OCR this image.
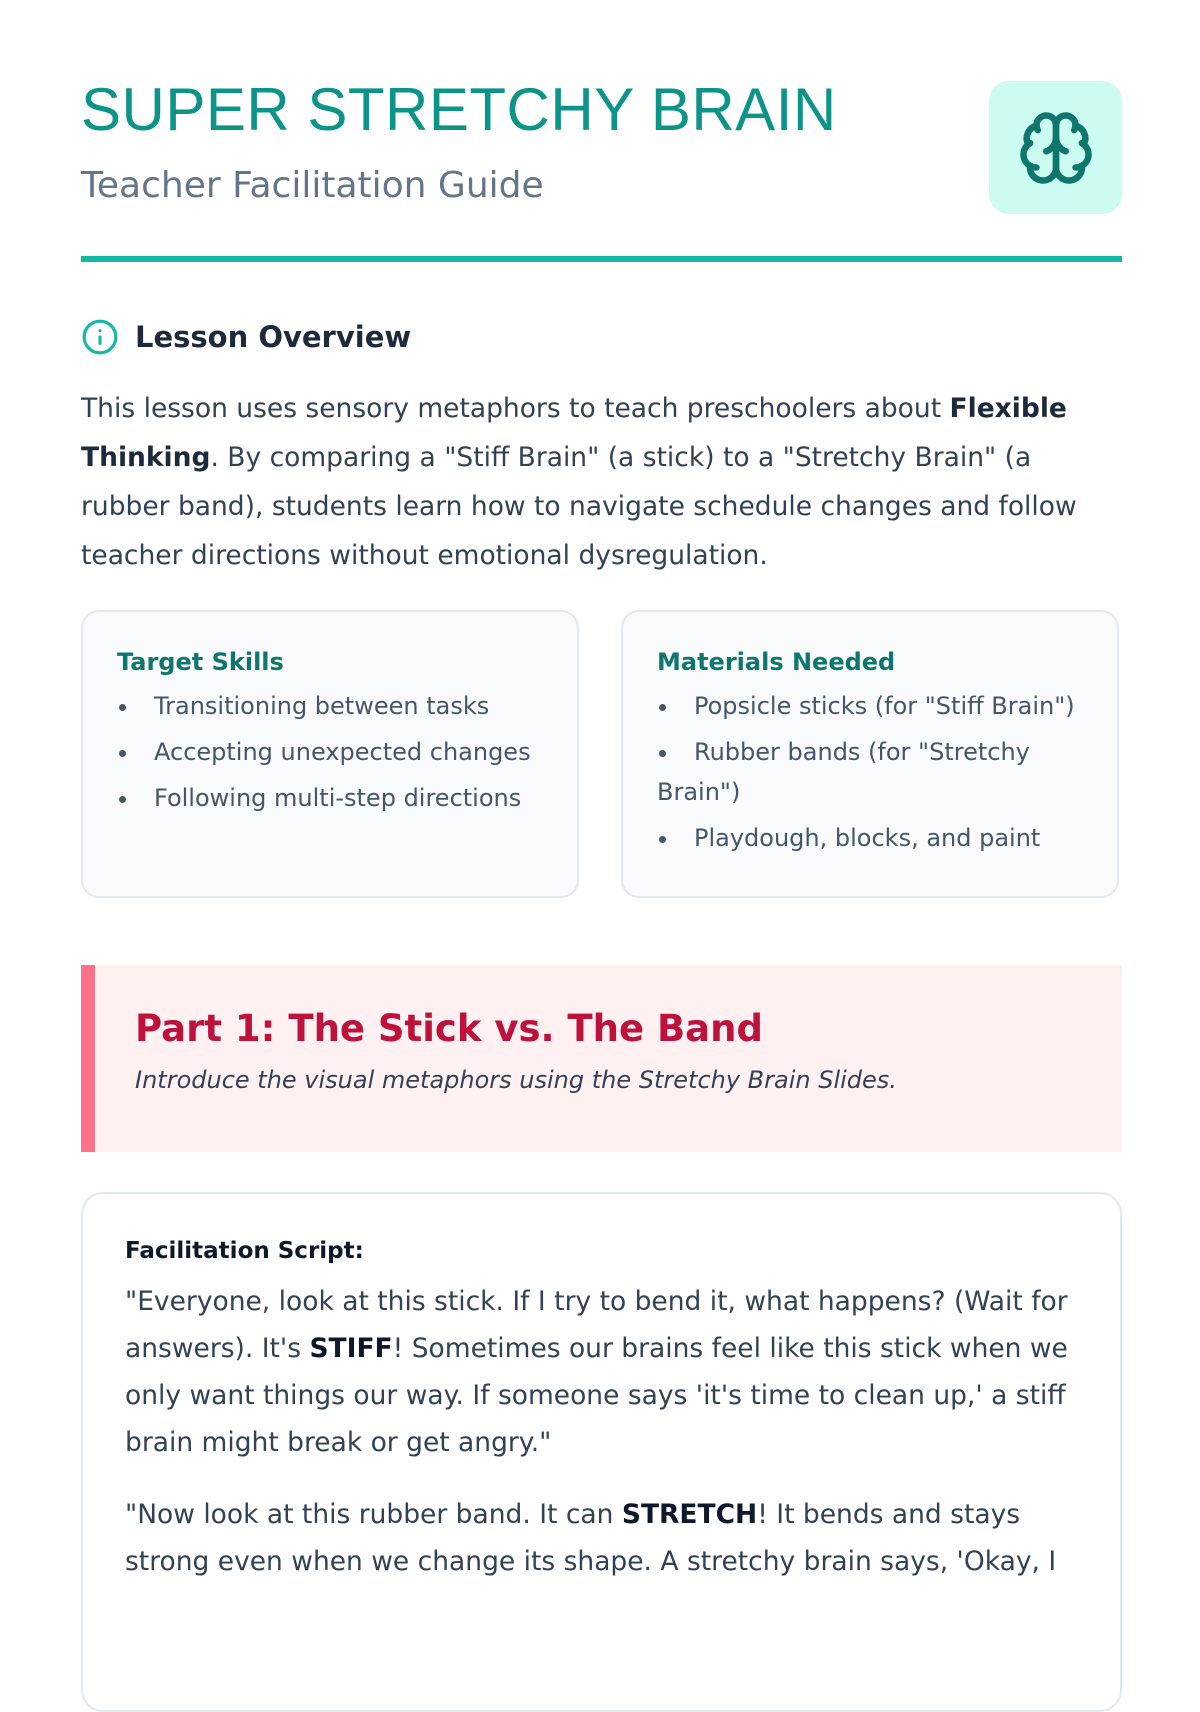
SUPER STRETCHY BRAIN
Teacher Facilitation Guide
Lesson Overview

This lesson uses sensory metaphors to teach preschoolers about Flexible Thinking. By comparing a "Stiff Brain" (a stick) to a "Stretchy Brain" (a rubber band), students learn how to navigate schedule changes and follow teacher directions without emotional dysregulation.

Target Skills
Transitioning between tasks
Accepting unexpected changes
Following multi-step directions
Materials Needed
Popsicle sticks (for "Stiff Brain")
Rubber bands (for "Stretchy Brain")
Playdough, blocks, and paint
Part 1: The Stick vs. The Band

Introduce the visual metaphors using the Stretchy Brain Slides.

Facilitation Script:

"Everyone, look at this stick. If I try to bend it, what happens? (Wait for answers). It's STIFF! Sometimes our brains feel like this stick when we only want things our way. If someone says 'it's time to clean up,' a stiff brain might break or get angry."

"Now look at this rubber band. It can STRETCH! It bends and stays strong even when we change its shape. A stretchy brain says, 'Okay, I
